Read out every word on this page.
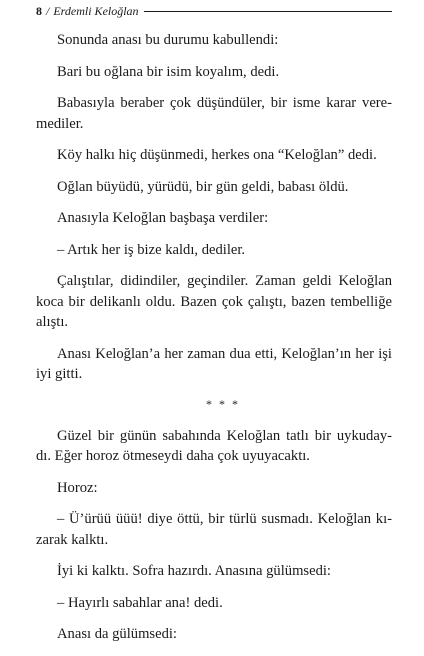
8 / Erdemli Keloğlan

Sonunda anası bu durumu kabullendi:

Bari bu oğlana bir isim koyalım, dedi.

Babasıyla beraber çok düşündüler, bir isme karar vere-
mediler.

Köy halkı hiç düşünmedi, herkes ona “Keloğlan” dedi.

Oğlan büyüdü, yürüdü, bir gün geldi, babası öldü.

Anasıyla Keloğlan başbaşa verdiler:

– Artık her iş bize kaldı, dediler.

Çalıştılar, didindiler, geçindiler. Zaman geldi Keloğlan
koca bir delikanlı oldu. Bazen çok çalıştı, bazen tembelliğe
alıştı.

Anası Keloğlan’a her zaman dua etti, Keloğlan’ın her işi
iyi gitti.

* * *

Güzel bir günün sabahında Keloğlan tatlı bir uykuday-
dı. Eğer horoz ötmeseydi daha çok uyuyacaktı.

Horoz:

– Ü’ürüü üüü! diye öttü, bir türlü susmadı. Keloğlan kı-
zarak kalktı.

İyi ki kalktı. Sofra hazırdı. Anasına gülümsedi:

– Hayırlı sabahlar ana! dedi.

Anası da gülümsedi:
